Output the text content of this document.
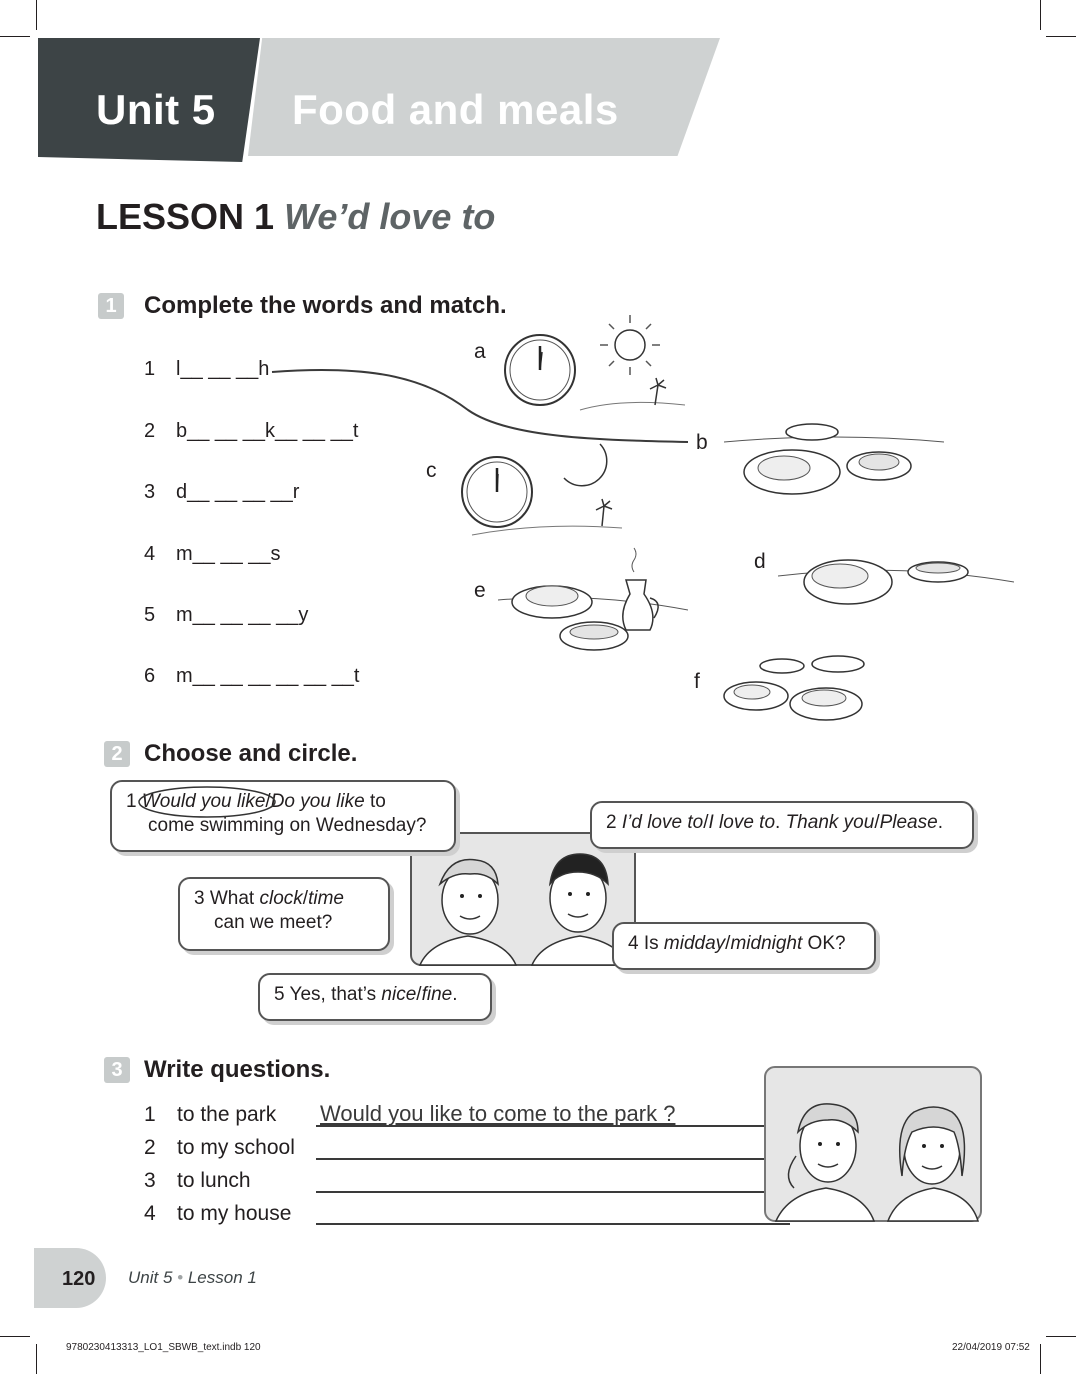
Unit 5 Food and meals
LESSON 1 We’d love to
1	Complete the words and match.
1 l__ __ __h
2 b__ __ __k__ __ __t
3 d__ __ __ __r
4 m__ __ __s
5 m__ __ __ __y
6 m__ __ __ __ __ __t
a
b
c
d
e
f
2 Choose and circle.
1 Would you like
/Do you like to
come swimming on Wednesday?	2 I’d love to/I love to. Thank you/Please.
3 What clock/time
can we meet?
4 Is midday/midnight OK?
5 Yes, that’s nice/fine.
3 Write questions.
1 to the park
2 to my school
3 to lunch
4 to my house
Would you like to come to the park ?
120 Unit 5 • Lesson 1
9780230413313_LO1_SBWB_text.indb 120	22/04/2019 07:52
